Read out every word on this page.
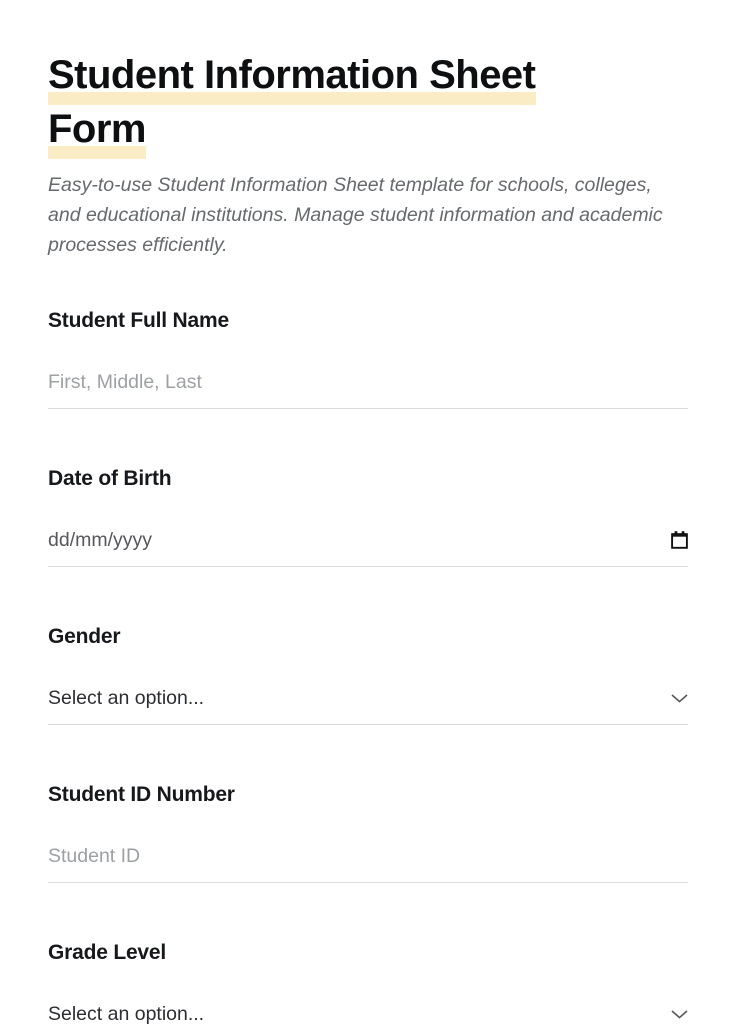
Student Information Sheet
Form

Easy-to-use Student Information Sheet template for schools, colleges, and educational institutions. Manage student information and academic processes efficiently.

Student Full Name
First, Middle, Last
Date of Birth
dd/mm/yyyy
Gender
Select an option...
Student ID Number
Student ID
Grade Level
Select an option...
